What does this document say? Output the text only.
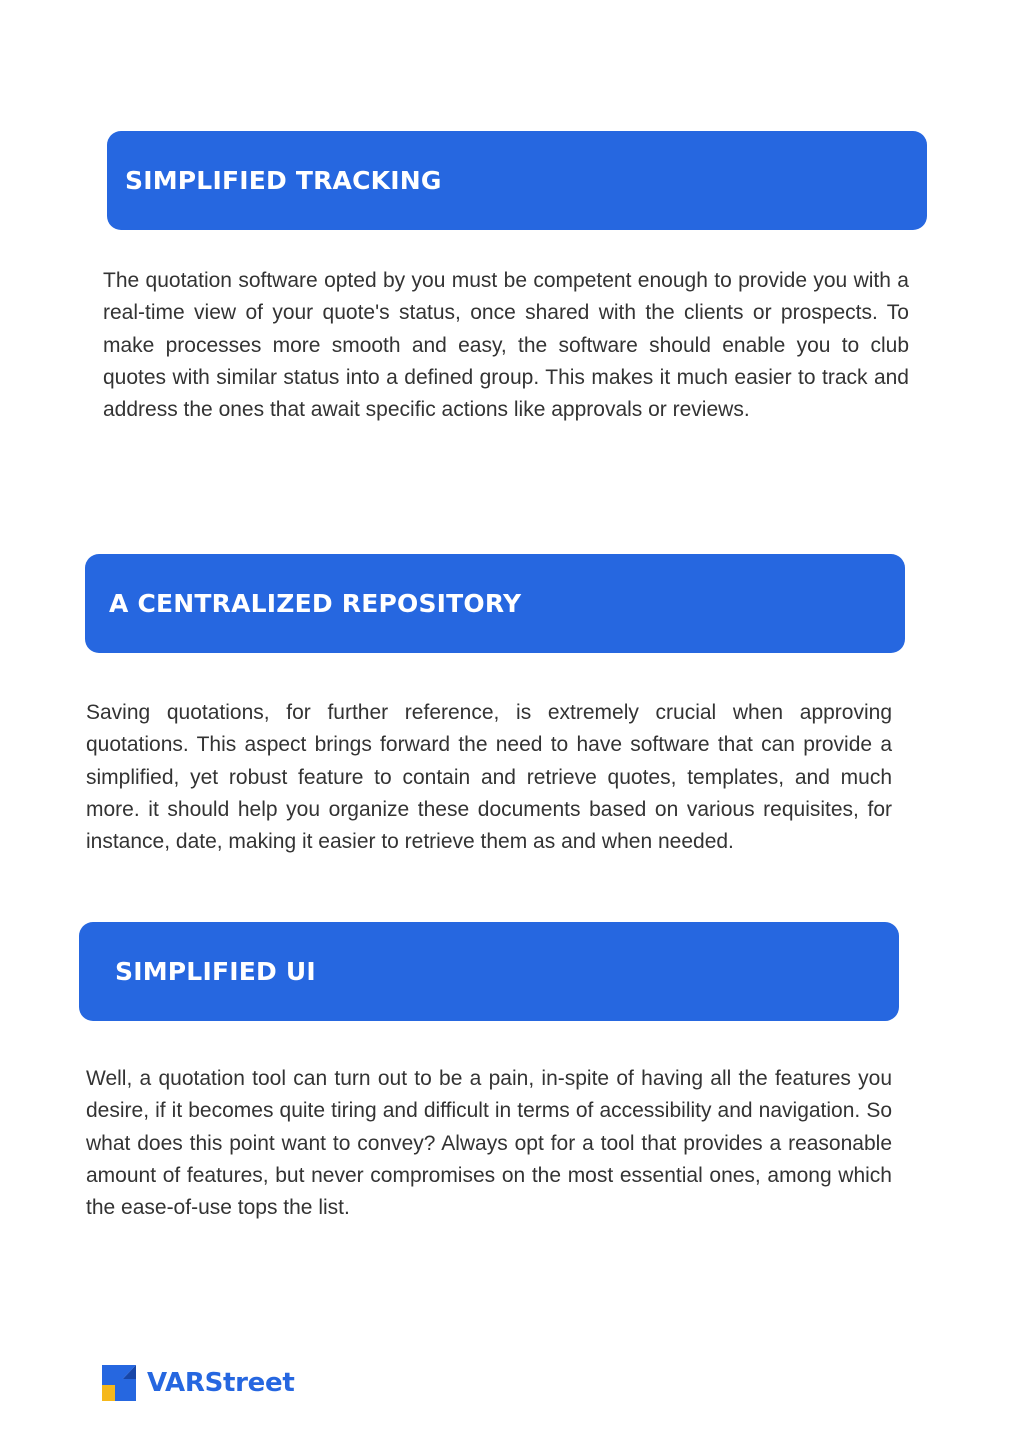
SIMPLIFIED TRACKING

The quotation software opted by you must be competent enough to provide you with a real-time view of your quote's status, once shared with the clients or prospects. To make processes more smooth and easy, the software should enable you to club quotes with similar status into a defined group. This makes it much easier to track and address the ones that await specific actions like approvals or reviews.

A CENTRALIZED REPOSITORY

Saving quotations, for further reference, is extremely crucial when approving quotations. This aspect brings forward the need to have software that can provide a simplified, yet robust feature to contain and retrieve quotes, templates, and much more. it should help you organize these documents based on various requisites, for instance, date, making it easier to retrieve them as and when needed.

SIMPLIFIED UI

Well, a quotation tool can turn out to be a pain, in-spite of having all the features you desire, if it becomes quite tiring and difficult in terms of accessibility and navigation. So what does this point want to convey? Always opt for a tool that provides a reasonable amount of features, but never compromises on the most essential ones, among which the ease-of-use tops the list.

VARStreet
